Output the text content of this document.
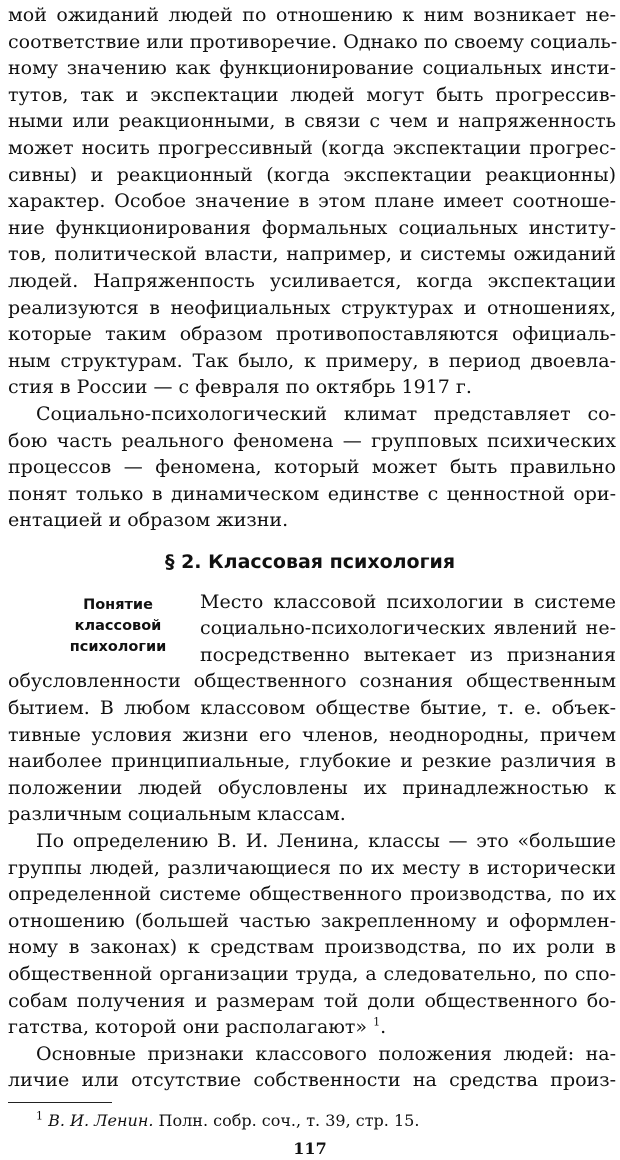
§ 2. Классовая психология
Понятие
классовой
психологии
$^1$ В. И. Ленин. Полн. собр. соч., т. 39, стр. 15.
117
мой ожиданий людей по отношению к ним возникает не-
соответствие или противоречие. Однако по своему социаль-
ному значению как функционирование социальных инсти-
тутов, так и экспектации людей могут быть прогрессив-
ными или реакционными, в связи с чем и напряженность
может носить прогрессивный (когда экспектации прогрес-
сивны) и реакционный (когда экспектации реакционны)
характер. Особое значение в этом плане имеет соотноше-
ние функционирования формальных социальных институ-
тов, политической власти, например, и системы ожиданий
людей. Напряженпость усиливается, когда экспектации
реализуются в неофициальных структурах и отношениях,
которые таким образом противопоставляются официаль-
ным структурам. Так было, к примеру, в период двоевла-
стия в России — с февраля по октябрь 1917 г.
Социально-психологический климат представляет со-
бою часть реального феномена — групповых психических
процессов — феномена, который может быть правильно
понят только в динамическом единстве с ценностной ори-
ентацией и образом жизни.
Место классовой психологии в системе
социально-психологических явлений не-
посредственно вытекает из признания
обусловленности общественного сознания общественным
бытием. В любом классовом обществе бытие, т. е. объек-
тивные условия жизни его членов, неоднородны, причем
наиболее принципиальные, глубокие и резкие различия в
положении людей обусловлены их принадлежностью к
различным социальным классам.
По определению В. И. Ленина, классы — это «большие
группы людей, различающиеся по их месту в исторически
определенной системе общественного производства, по их
отношению (большей частью закрепленному и оформлен-
ному в законах) к средствам производства, по их роли в
общественной организации труда, а следовательно, по спо-
собам получения и размерам той доли общественного бо-
гатства, которой они располагают» $^1$.
Основные признаки классового положения людей: на-
личие или отсутствие собственности на средства произ-
